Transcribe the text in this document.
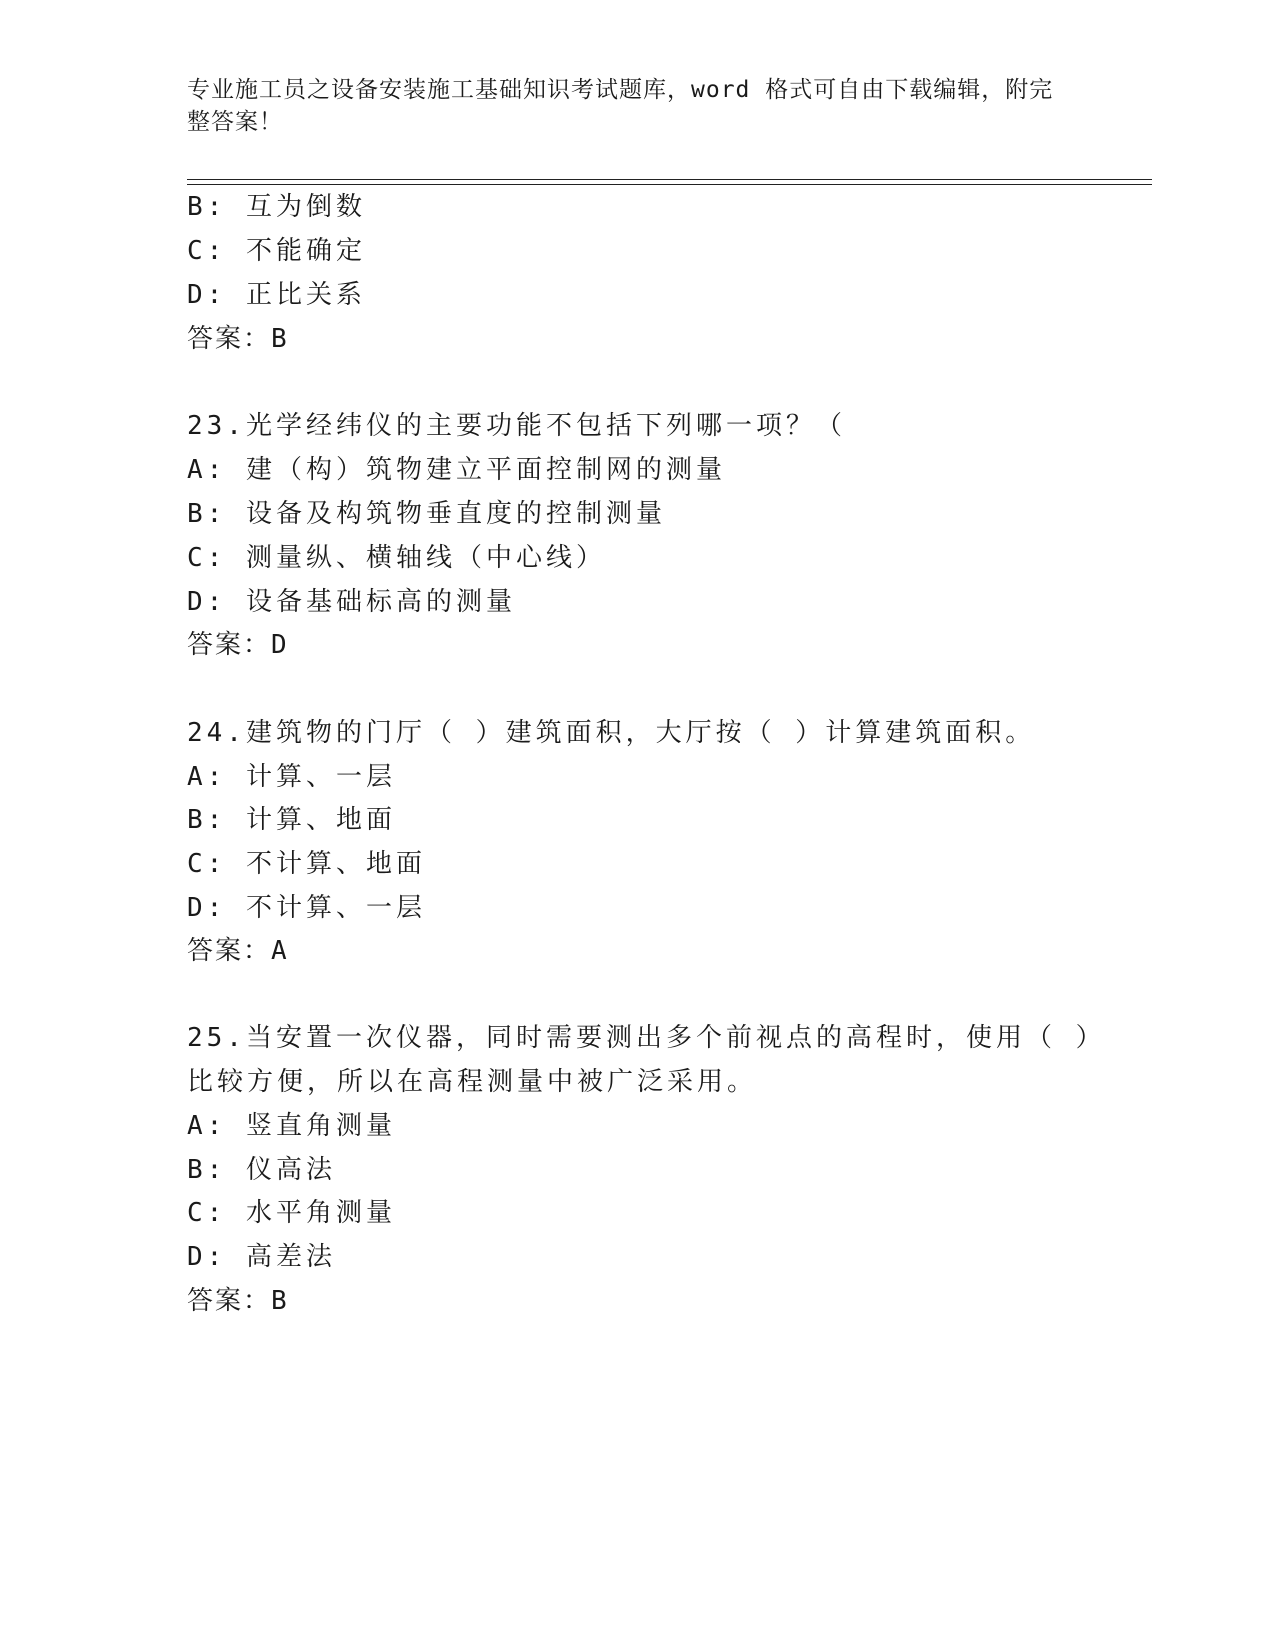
专业施工员之设备安装施工基础知识考试题库，word 格式可自由下载编辑，附完整答案！
B: 互为倒数
C: 不能确定
D: 正比关系
答案：B
23.光学经纬仪的主要功能不包括下列哪一项？（
A: 建（构）筑物建立平面控制网的测量
B: 设备及构筑物垂直度的控制测量
C: 测量纵、横轴线（中心线）
D: 设备基础标高的测量
答案：D
24.建筑物的门厅（ ）建筑面积，大厅按（ ）计算建筑面积。
A: 计算、一层
B: 计算、地面
C: 不计算、地面
D: 不计算、一层
答案：A
25.当安置一次仪器，同时需要测出多个前视点的高程时，使用（ ）
比较方便，所以在高程测量中被广泛采用。
A: 竖直角测量
B: 仪高法
C: 水平角测量
D: 高差法
答案：B
